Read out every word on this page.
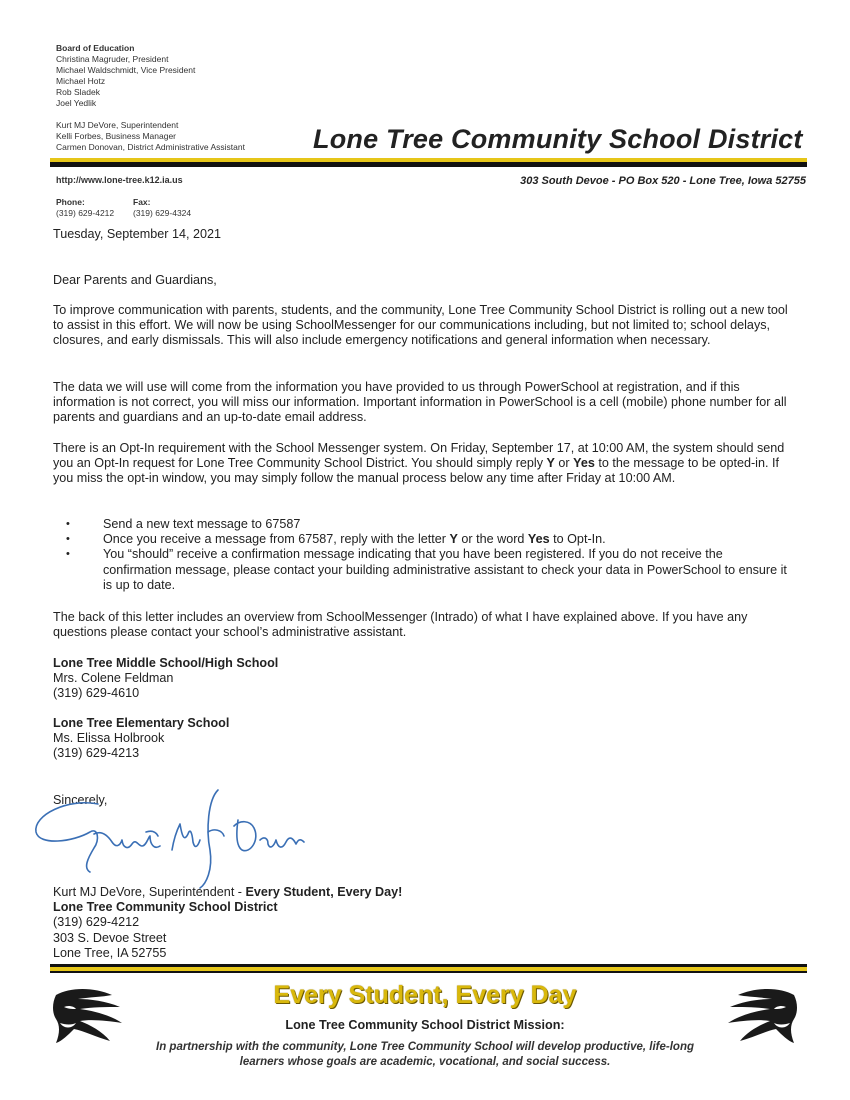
Board of Education
Christina Magruder, President
Michael Waldschmidt, Vice President
Michael Hotz
Rob Sladek
Joel Yedlik
Kurt MJ DeVore, Superintendent
Kelli Forbes, Business Manager
Carmen Donovan, District Administrative Assistant	Lone Tree Community School District
http://www.lone-tree.k12.ia.us	303 South Devoe - PO Box 520 - Lone Tree, Iowa 52755
Phone:
(319) 629-4212
Fax:
(319) 629-4324
Tuesday, September 14, 2021
Dear Parents and Guardians,
To improve communication with parents, students, and the community, Lone Tree Community School District is rolling out a new tool to assist in this effort. We will now be using SchoolMessenger for our communications including, but not limited to; school delays, closures, and early dismissals. This will also include emergency notifications and general information when necessary.
The data we will use will come from the information you have provided to us through PowerSchool at registration, and if this information is not correct, you will miss our information. Important information in PowerSchool is a cell (mobile) phone number for all parents and guardians and an up-to-date email address.
There is an Opt-In requirement with the School Messenger system. On Friday, September 17, at 10:00 AM, the system should send you an Opt-In request for Lone Tree Community School District. You should simply reply Y or Yes to the message to be opted-in. If you miss the opt-in window, you may simply follow the manual process below any time after Friday at 10:00 AM.
• Send a new text message to 67587
• Once you receive a message from 67587, reply with the letter Y or the word Yes to Opt-In.
• You “should” receive a confirmation message indicating that you have been registered. If you do not receive the confirmation message, please contact your building administrative assistant to check your data in PowerSchool to ensure it is up to date.
The back of this letter includes an overview from SchoolMessenger (Intrado) of what I have explained above. If you have any questions please contact your school’s administrative assistant.
Lone Tree Middle School/High School
Mrs. Colene Feldman
(319) 629-4610
Lone Tree Elementary School
Ms. Elissa Holbrook
(319) 629-4213
Sincerely,
Kurt MJ DeVore, Superintendent - Every Student, Every Day!
Lone Tree Community School District
(319) 629-4212
303 S. Devoe Street
Lone Tree, IA 52755
Every Student, Every Day
Lone Tree Community School District Mission:
In partnership with the community, Lone Tree Community School will develop productive, life-long learners whose goals are academic, vocational, and social success.
